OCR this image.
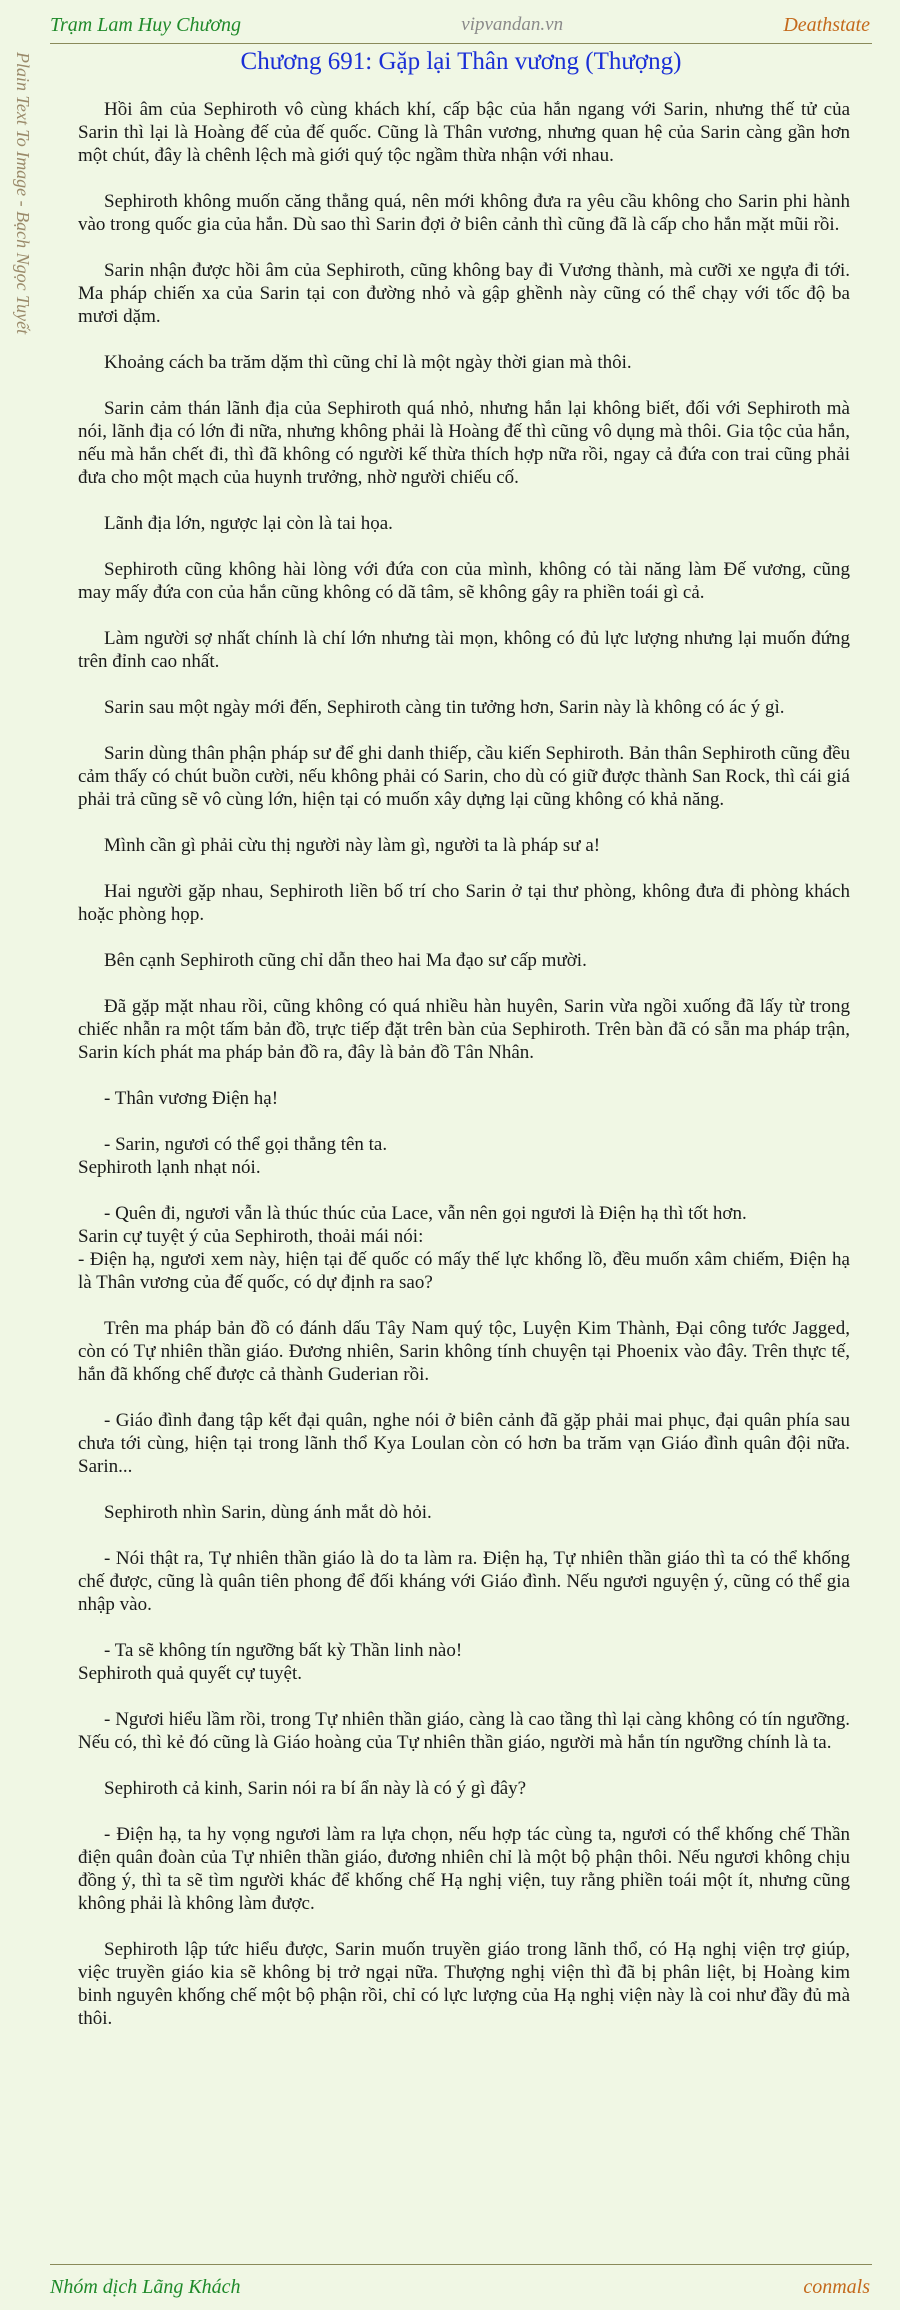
Trạm Lam Huy Chương	vipvandan.vn	Deathstate
Plain Text To Image - Bạch Ngọc Tuyết	Chương 691: Gặp lại Thân vương (Thượng)

Hồi âm của Sephiroth vô cùng khách khí, cấp bậc của hắn ngang với Sarin, nhưng thế tử của Sarin thì lại là Hoàng đế của đế quốc. Cũng là Thân vương, nhưng quan hệ của Sarin càng gần hơn một chút, đây là chênh lệch mà giới quý tộc ngầm thừa nhận với nhau.

Sephiroth không muốn căng thẳng quá, nên mới không đưa ra yêu cầu không cho Sarin phi hành vào trong quốc gia của hắn. Dù sao thì Sarin đợi ở biên cảnh thì cũng đã là cấp cho hắn mặt mũi rồi.

Sarin nhận được hồi âm của Sephiroth, cũng không bay đi Vương thành, mà cưỡi xe ngựa đi tới. Ma pháp chiến xa của Sarin tại con đường nhỏ và gập ghềnh này cũng có thể chạy với tốc độ ba mươi dặm.

Khoảng cách ba trăm dặm thì cũng chỉ là một ngày thời gian mà thôi.

Sarin cảm thán lãnh địa của Sephiroth quá nhỏ, nhưng hắn lại không biết, đối với Sephiroth mà nói, lãnh địa có lớn đi nữa, nhưng không phải là Hoàng đế thì cũng vô dụng mà thôi. Gia tộc của hắn, nếu mà hắn chết đi, thì đã không có người kế thừa thích hợp nữa rồi, ngay cả đứa con trai cũng phải đưa cho một mạch của huynh trưởng, nhờ người chiếu cố.

Lãnh địa lớn, ngược lại còn là tai họa.

Sephiroth cũng không hài lòng với đứa con của mình, không có tài năng làm Đế vương, cũng may mấy đứa con của hắn cũng không có dã tâm, sẽ không gây ra phiền toái gì cả.

Làm người sợ nhất chính là chí lớn nhưng tài mọn, không có đủ lực lượng nhưng lại muốn đứng trên đỉnh cao nhất.

Sarin sau một ngày mới đến, Sephiroth càng tin tưởng hơn, Sarin này là không có ác ý gì.

Sarin dùng thân phận pháp sư để ghi danh thiếp, cầu kiến Sephiroth. Bản thân Sephiroth cũng đều cảm thấy có chút buồn cười, nếu không phải có Sarin, cho dù có giữ được thành San Rock, thì cái giá phải trả cũng sẽ vô cùng lớn, hiện tại có muốn xây dựng lại cũng không có khả năng.

Mình cần gì phải cừu thị người này làm gì, người ta là pháp sư a!

Hai người gặp nhau, Sephiroth liền bố trí cho Sarin ở tại thư phòng, không đưa đi phòng khách hoặc phòng họp.

Bên cạnh Sephiroth cũng chỉ dẫn theo hai Ma đạo sư cấp mười.

Đã gặp mặt nhau rồi, cũng không có quá nhiều hàn huyên, Sarin vừa ngồi xuống đã lấy từ trong chiếc nhẫn ra một tấm bản đồ, trực tiếp đặt trên bàn của Sephiroth. Trên bàn đã có sẵn ma pháp trận, Sarin kích phát ma pháp bản đồ ra, đây là bản đồ Tân Nhân.

- Thân vương Điện hạ!

- Sarin, ngươi có thể gọi thẳng tên ta.
Sephiroth lạnh nhạt nói.

- Quên đi, ngươi vẫn là thúc thúc của Lace, vẫn nên gọi ngươi là Điện hạ thì tốt hơn.
Sarin cự tuyệt ý của Sephiroth, thoải mái nói:
- Điện hạ, ngươi xem này, hiện tại đế quốc có mấy thế lực khổng lồ, đều muốn xâm chiếm, Điện hạ là Thân vương của đế quốc, có dự định ra sao?

Trên ma pháp bản đồ có đánh dấu Tây Nam quý tộc, Luyện Kim Thành, Đại công tước Jagged, còn có Tự nhiên thần giáo. Đương nhiên, Sarin không tính chuyện tại Phoenix vào đây. Trên thực tế, hắn đã khống chế được cả thành Guderian rồi.

- Giáo đình đang tập kết đại quân, nghe nói ở biên cảnh đã gặp phải mai phục, đại quân phía sau chưa tới cùng, hiện tại trong lãnh thổ Kya Loulan còn có hơn ba trăm vạn Giáo đình quân đội nữa. Sarin...

Sephiroth nhìn Sarin, dùng ánh mắt dò hỏi.

- Nói thật ra, Tự nhiên thần giáo là do ta làm ra. Điện hạ, Tự nhiên thần giáo thì ta có thể khống chế được, cũng là quân tiên phong để đối kháng với Giáo đình. Nếu ngươi nguyện ý, cũng có thể gia nhập vào.

- Ta sẽ không tín ngưỡng bất kỳ Thần linh nào!
Sephiroth quả quyết cự tuyệt.

- Ngươi hiểu lầm rồi, trong Tự nhiên thần giáo, càng là cao tầng thì lại càng không có tín ngưỡng. Nếu có, thì kẻ đó cũng là Giáo hoàng của Tự nhiên thần giáo, người mà hắn tín ngưỡng chính là ta.

Sephiroth cả kinh, Sarin nói ra bí ẩn này là có ý gì đây?

- Điện hạ, ta hy vọng ngươi làm ra lựa chọn, nếu hợp tác cùng ta, ngươi có thể khống chế Thần điện quân đoàn của Tự nhiên thần giáo, đương nhiên chỉ là một bộ phận thôi. Nếu ngươi không chịu đồng ý, thì ta sẽ tìm người khác để khống chế Hạ nghị viện, tuy rằng phiền toái một ít, nhưng cũng không phải là không làm được.

Sephiroth lập tức hiểu được, Sarin muốn truyền giáo trong lãnh thổ, có Hạ nghị viện trợ giúp, việc truyền giáo kia sẽ không bị trở ngại nữa. Thượng nghị viện thì đã bị phân liệt, bị Hoàng kim binh nguyên khống chế một bộ phận rồi, chỉ có lực lượng của Hạ nghị viện này là coi như đầy đủ mà thôi.

Nhóm dịch Lãng Khách	conmals
